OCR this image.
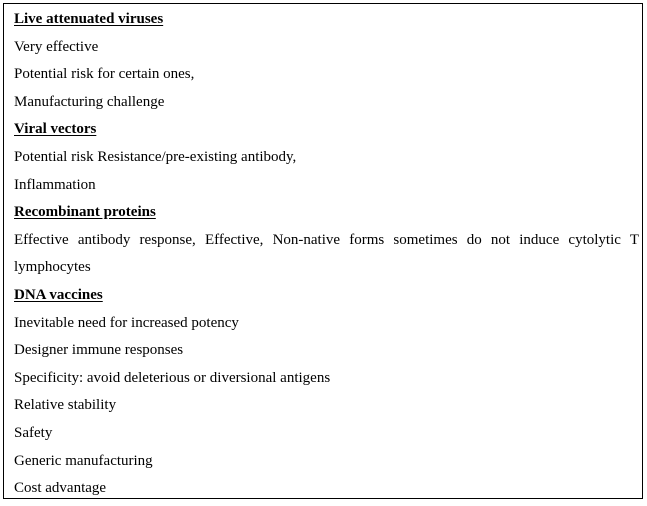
Live attenuated viruses
Very effective
Potential risk for certain ones,
Manufacturing challenge
Viral vectors
Potential risk Resistance/pre-existing antibody,
Inflammation
Recombinant proteins
Effective antibody response, Effective, Non-native forms sometimes do not induce cytolytic T lymphocytes
DNA vaccines
Inevitable need for increased potency
Designer immune responses
Specificity: avoid deleterious or diversional antigens
Relative stability
Safety
Generic manufacturing
Cost advantage
